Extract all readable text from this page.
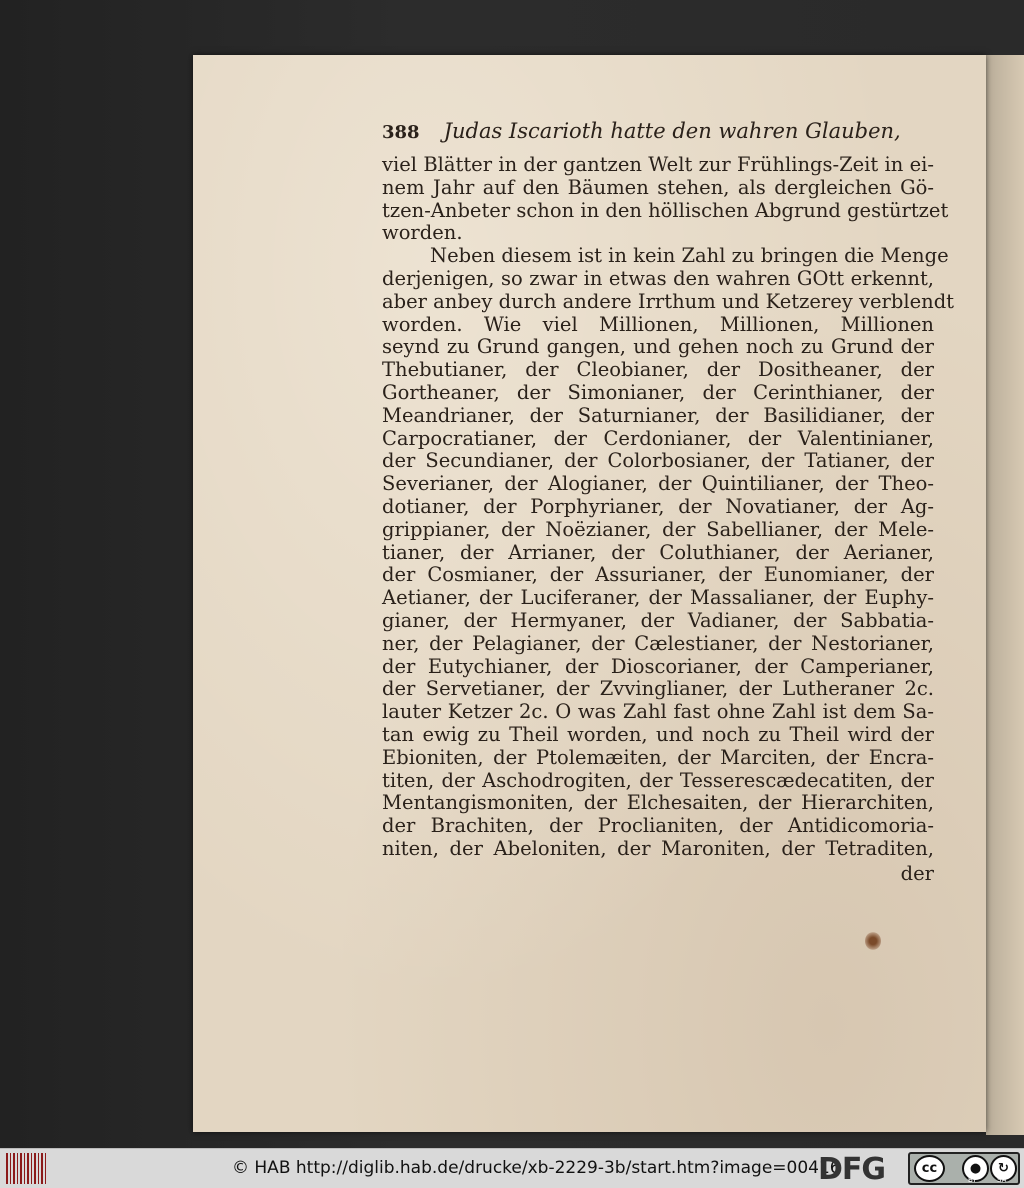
388 Judas Iscarioth hatte den wahren Glauben,
viel Blätter in der gantzen Welt zur Frühlings-Zeit in ei-
nem Jahr auf den Bäumen stehen, als dergleichen Gö-
tzen-Anbeter schon in den höllischen Abgrund gestürtzet
worden.
Neben diesem ist in kein Zahl zu bringen die Menge
derjenigen, so zwar in etwas den wahren GOtt erkennt,
aber anbey durch andere Irrthum und Ketzerey verblendt
worden. Wie viel Millionen, Millionen, Millionen
seynd zu Grund gangen, und gehen noch zu Grund der
Thebutianer, der Cleobianer, der Dositheaner, der
Gortheaner, der Simonianer, der Cerinthianer, der
Meandrianer, der Saturnianer, der Basilidianer, der
Carpocratianer, der Cerdonianer, der Valentinianer,
der Secundianer, der Colorbosianer, der Tatianer, der
Severianer, der Alogianer, der Quintilianer, der Theo-
dotianer, der Porphyrianer, der Novatianer, der Ag-
grippianer, der Noëzianer, der Sabellianer, der Mele-
tianer, der Arrianer, der Coluthianer, der Aerianer,
der Cosmianer, der Assurianer, der Eunomianer, der
Aetianer, der Luciferaner, der Massalianer, der Euphy-
gianer, der Hermyaner, der Vadianer, der Sabbatia-
ner, der Pelagianer, der Cælestianer, der Nestorianer,
der Eutychianer, der Dioscorianer, der Camperianer,
der Servetianer, der Zvvinglianer, der Lutheraner 2c.
lauter Ketzer 2c. O was Zahl fast ohne Zahl ist dem Sa-
tan ewig zu Theil worden, und noch zu Theil wird der
Ebioniten, der Ptolemæiten, der Marciten, der Encra-
titen, der Aschodrogiten, der Tesserescædecatiten, der
Mentangismoniten, der Elchesaiten, der Hierarchiten,
der Brachiten, der Proclianiten, der Antidicomoria-
niten, der Abeloniten, der Maroniten, der Tetraditen,
der
© HAB http://diglib.hab.de/drucke/xb-2229-3b/start.htm?image=00416
DFG	cc	●	↻
BY	SA
